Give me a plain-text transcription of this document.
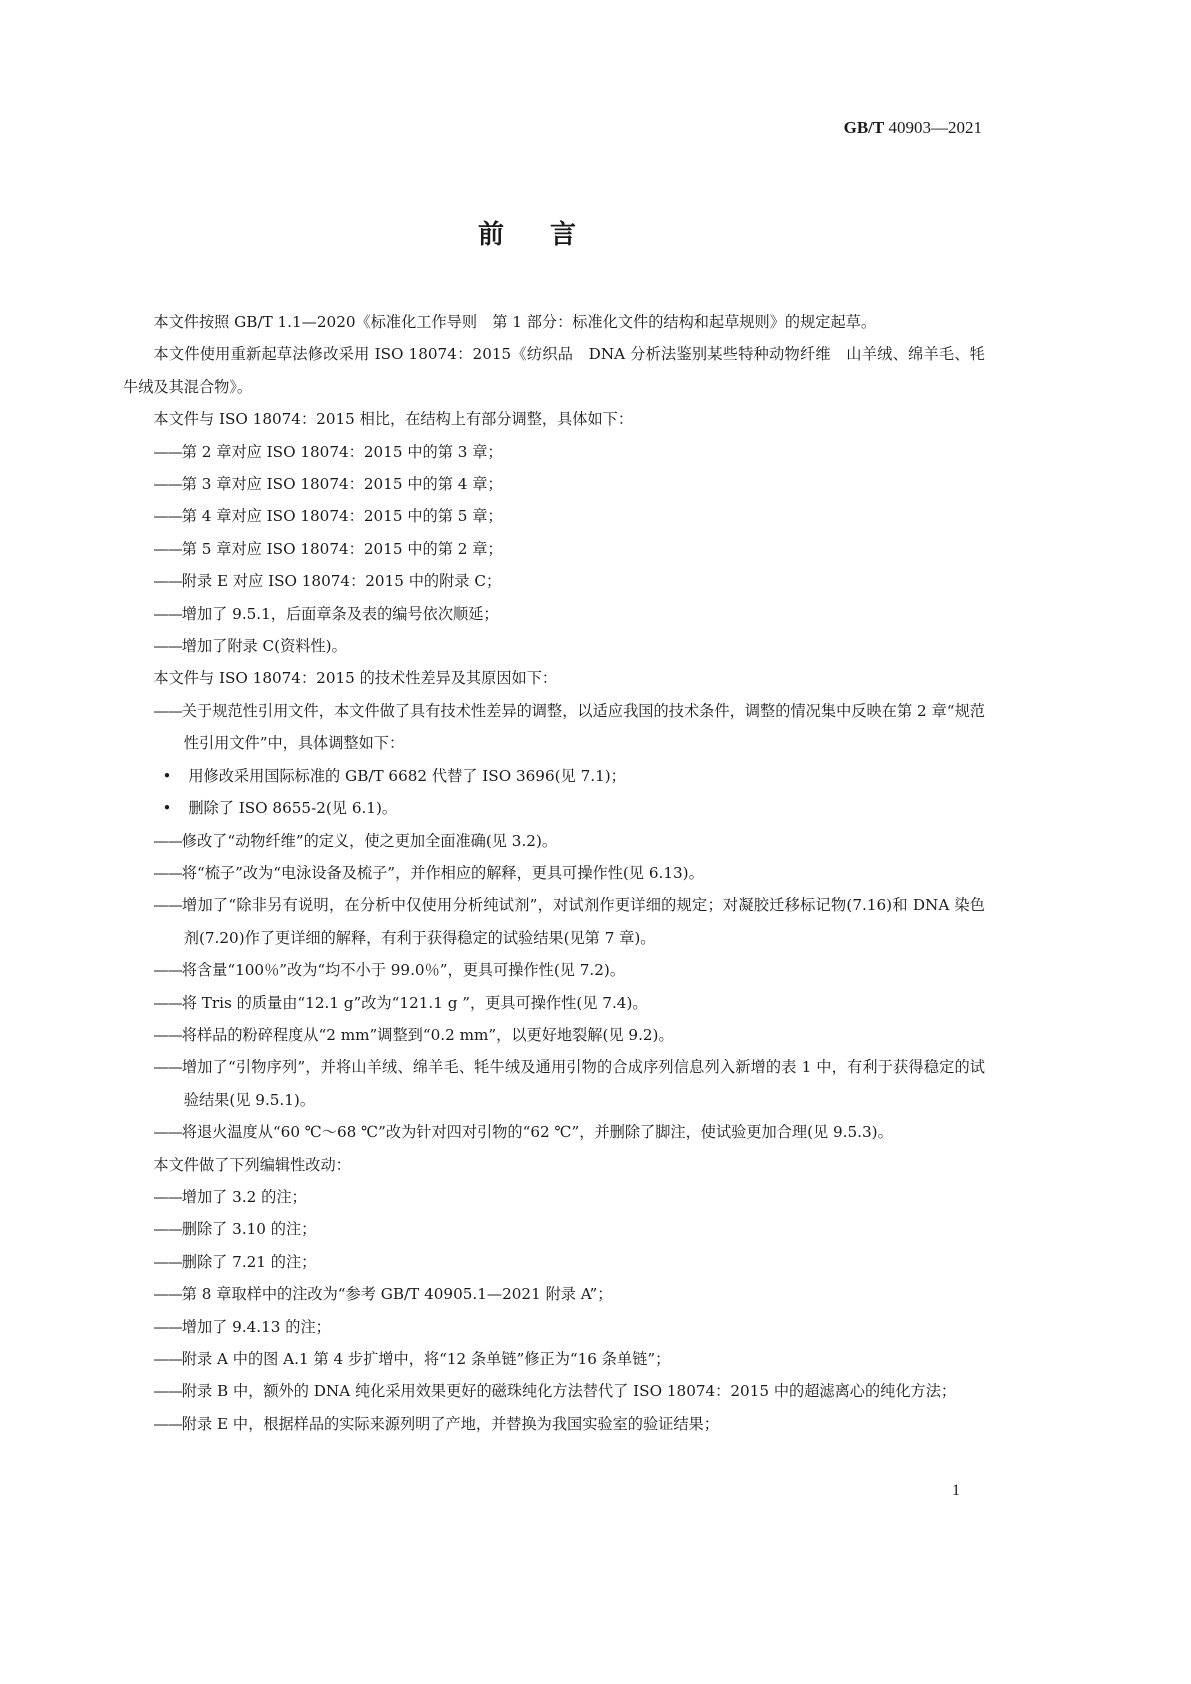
GB/T 40903—2021
前言

本文件按照 GB/T 1.1—2020《标准化工作导则　第 1 部分：标准化文件的结构和起草规则》的规定起草。

本文件使用重新起草法修改采用 ISO 18074：2015《纺织品　DNA 分析法鉴别某些特种动物纤维　山羊绒、绵羊毛、牦牛绒及其混合物》。

本文件与 ISO 18074：2015 相比，在结构上有部分调整，具体如下：

——第 2 章对应 ISO 18074：2015 中的第 3 章；
——第 3 章对应 ISO 18074：2015 中的第 4 章；
——第 4 章对应 ISO 18074：2015 中的第 5 章；
——第 5 章对应 ISO 18074：2015 中的第 2 章；
——附录 E 对应 ISO 18074：2015 中的附录 C；
——增加了 9.5.1，后面章条及表的编号依次顺延；
——增加了附录 C(资料性)。

本文件与 ISO 18074：2015 的技术性差异及其原因如下：

——关于规范性引用文件，本文件做了具有技术性差异的调整，以适应我国的技术条件，调整的情况集中反映在第 2 章“规范性引用文件”中，具体调整如下：
• 用修改采用国际标准的 GB/T 6682 代替了 ISO 3696(见 7.1)；
• 删除了 ISO 8655-2(见 6.1)。
——修改了“动物纤维”的定义，使之更加全面准确(见 3.2)。
——将“梳子”改为“电泳设备及梳子”，并作相应的解释，更具可操作性(见 6.13)。
——增加了“除非另有说明，在分析中仅使用分析纯试剂”，对试剂作更详细的规定；对凝胶迁移标记物(7.16)和 DNA 染色剂(7.20)作了更详细的解释，有利于获得稳定的试验结果(见第 7 章)。
——将含量“100％”改为“均不小于 99.0％”，更具可操作性(见 7.2)。
——将 Tris 的质量由“12.1 g”改为“121.1 g ”，更具可操作性(见 7.4)。
——将样品的粉碎程度从“2 mm”调整到“0.2 mm”，以更好地裂解(见 9.2)。
——增加了“引物序列”，并将山羊绒、绵羊毛、牦牛绒及通用引物的合成序列信息列入新增的表 1 中，有利于获得稳定的试验结果(见 9.5.1)。
——将退火温度从“60 ℃～68 ℃”改为针对四对引物的“62 ℃”，并删除了脚注，使试验更加合理(见 9.5.3)。

本文件做了下列编辑性改动：

——增加了 3.2 的注；
——删除了 3.10 的注；
——删除了 7.21 的注；
——第 8 章取样中的注改为“参考 GB/T 40905.1—2021 附录 A”；
——增加了 9.4.13 的注；
——附录 A 中的图 A.1 第 4 步扩增中，将“12 条单链”修正为“16 条单链”；
——附录 B 中，额外的 DNA 纯化采用效果更好的磁珠纯化方法替代了 ISO 18074：2015 中的超滤离心的纯化方法；
——附录 E 中，根据样品的实际来源列明了产地，并替换为我国实验室的验证结果；
1
